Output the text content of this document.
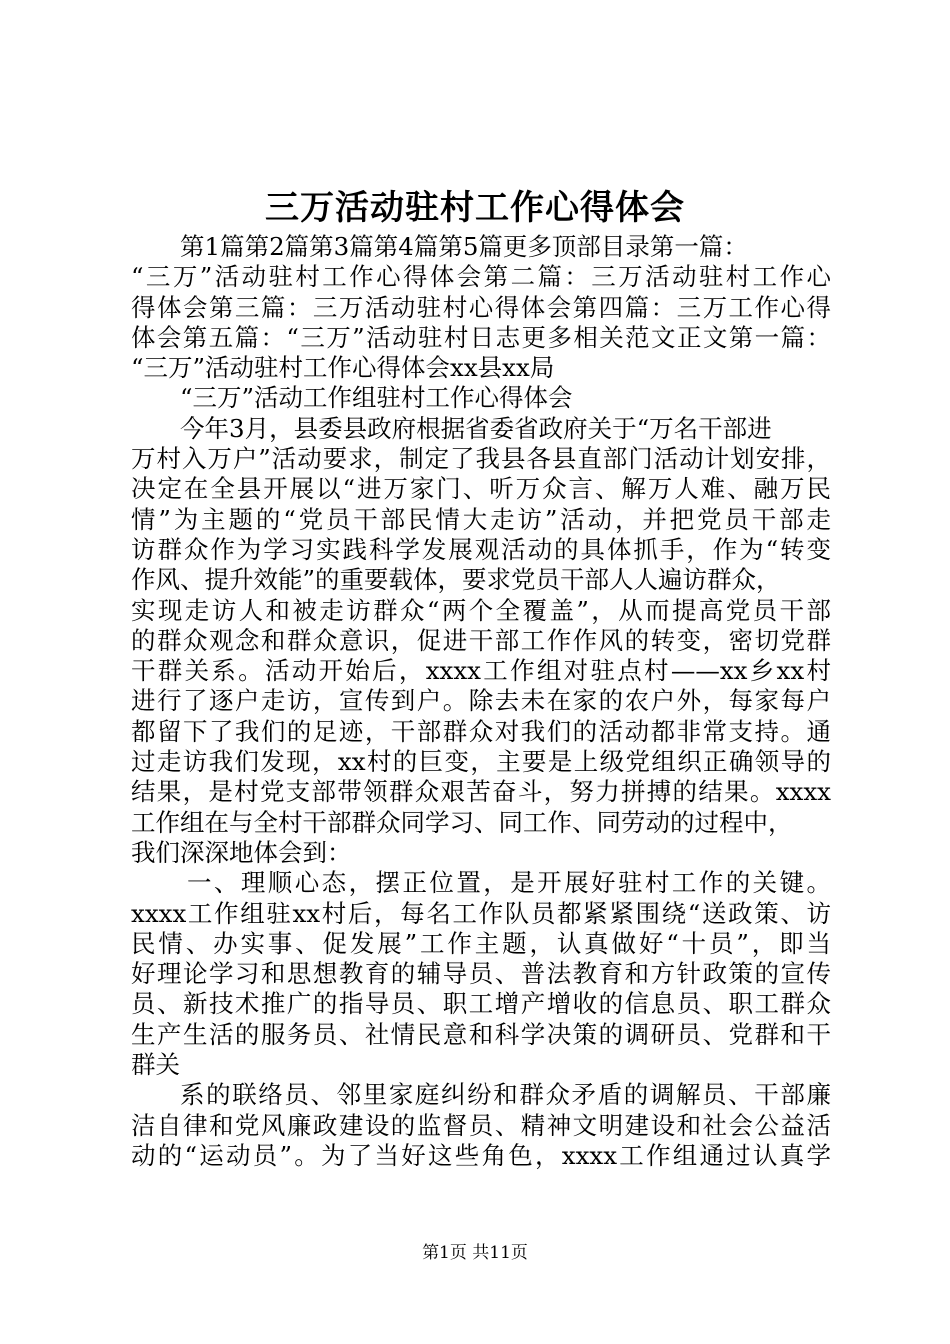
三万活动驻村工作心得体会
第1篇第2篇第3篇第4篇第5篇更多顶部目录第一篇：
“三万”活动驻村工作心得体会第二篇：三万活动驻村工作心
得体会第三篇：三万活动驻村心得体会第四篇：三万工作心得
体会第五篇：“三万”活动驻村日志更多相关范文正文第一篇：
“三万”活动驻村工作心得体会xx县xx局
“三万”活动工作组驻村工作心得体会
今年3月，县委县政府根据省委省政府关于“万名干部进
万村入万户”活动要求，制定了我县各县直部门活动计划安排，
决定在全县开展以“进万家门、听万众言、解万人难、融万民
情”为主题的“党员干部民情大走访”活动，并把党员干部走
访群众作为学习实践科学发展观活动的具体抓手，作为“转变
作风、提升效能”的重要载体，要求党员干部人人遍访群众，
实现走访人和被走访群众“两个全覆盖”，从而提高党员干部
的群众观念和群众意识，促进干部工作作风的转变，密切党群
干群关系。活动开始后，xxxx工作组对驻点村——xx乡xx村
进行了逐户走访，宣传到户。除去未在家的农户外，每家每户
都留下了我们的足迹，干部群众对我们的活动都非常支持。通
过走访我们发现，xx村的巨变，主要是上级党组织正确领导的
结果，是村党支部带领群众艰苦奋斗，努力拼搏的结果。xxxx
工作组在与全村干部群众同学习、同工作、同劳动的过程中，
我们深深地体会到：
一、理顺心态，摆正位置，是开展好驻村工作的关键。
xxxx工作组驻xx村后，每名工作队员都紧紧围绕“送政策、访
民情、办实事、促发展”工作主题，认真做好“十员”，即当
好理论学习和思想教育的辅导员、普法教育和方针政策的宣传
员、新技术推广的指导员、职工增产增收的信息员、职工群众
生产生活的服务员、社情民意和科学决策的调研员、党群和干
群关
系的联络员、邻里家庭纠纷和群众矛盾的调解员、干部廉
洁自律和党风廉政建设的监督员、精神文明建设和社会公益活
动的“运动员”。为了当好这些角色，xxxx工作组通过认真学
第1页 共11页
